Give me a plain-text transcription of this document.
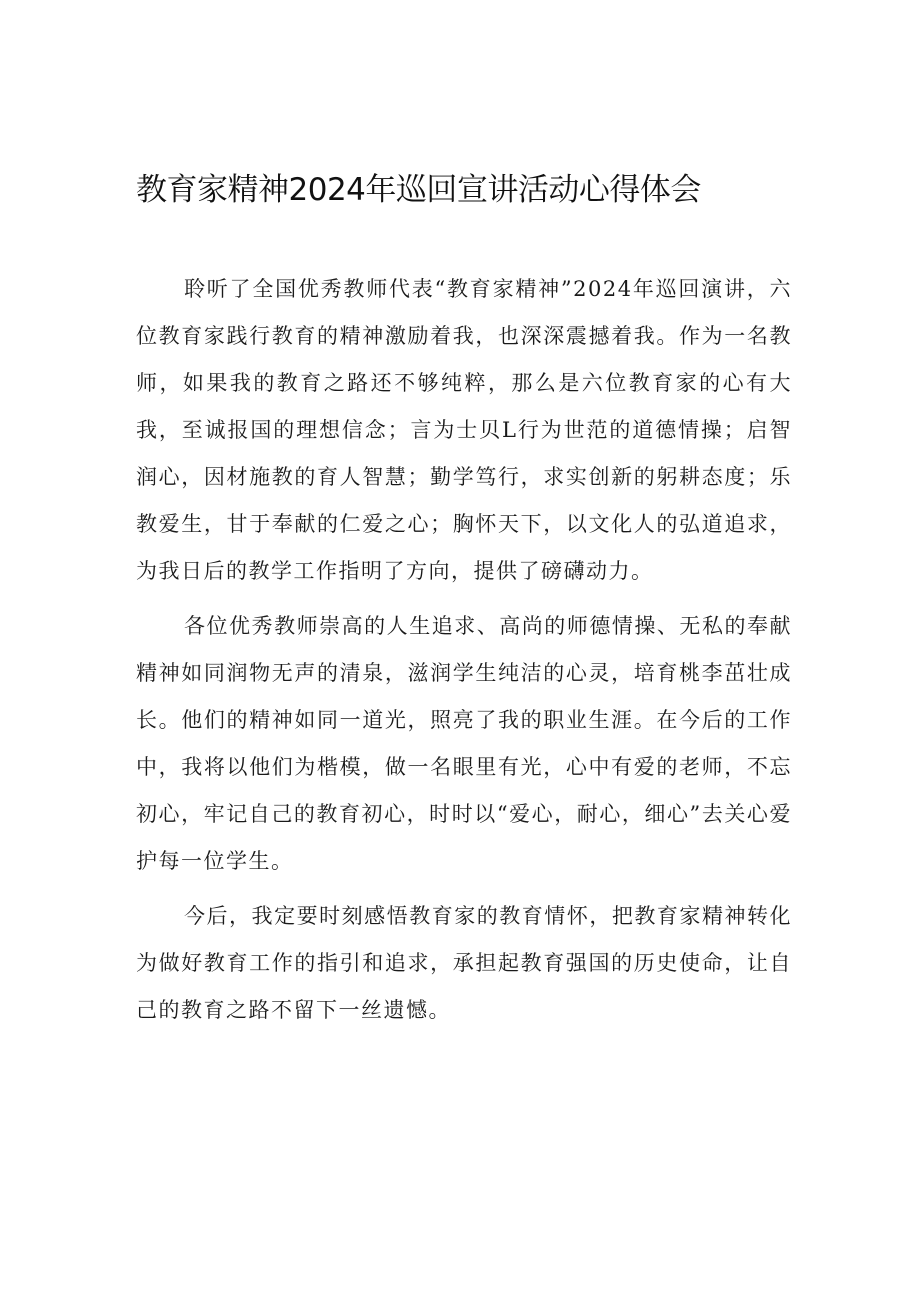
教育家精神2024年巡回宣讲活动心得体会

聆听了全国优秀教师代表“教育家精神”2024年巡回演讲，六位教育家践行教育的精神激励着我，也深深震撼着我。作为一名教师，如果我的教育之路还不够纯粹，那么是六位教育家的心有大我，至诚报国的理想信念；言为士贝L行为世范的道德情操；启智润心，因材施教的育人智慧；勤学笃行，求实创新的躬耕态度；乐教爱生，甘于奉献的仁爱之心；胸怀天下，以文化人的弘道追求，为我日后的教学工作指明了方向，提供了磅礴动力。

各位优秀教师崇高的人生追求、高尚的师德情操、无私的奉献精神如同润物无声的清泉，滋润学生纯洁的心灵，培育桃李茁壮成长。他们的精神如同一道光，照亮了我的职业生涯。在今后的工作中，我将以他们为楷模，做一名眼里有光，心中有爱的老师，不忘初心，牢记自己的教育初心，时时以“爱心，耐心，细心”去关心爱护每一位学生。

今后，我定要时刻感悟教育家的教育情怀，把教育家精神转化为做好教育工作的指引和追求，承担起教育强国的历史使命，让自己的教育之路不留下一丝遗憾。
